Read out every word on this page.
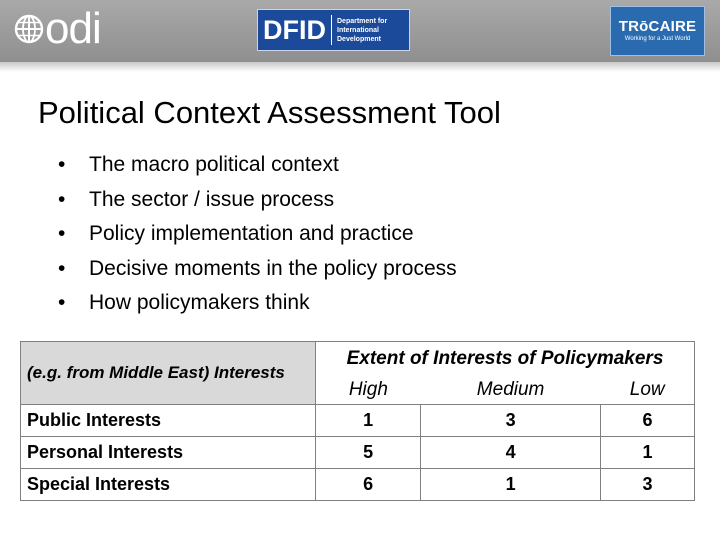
odi	DFID Department for
International
Development
TRōCAIRE
Working for a Just World
Political Context Assessment Tool
•	The macro political context
•	The sector / issue process
•	Policy implementation and practice
•	Decisive moments in the policy process
•	How policymakers think
(e.g. from Middle East) Interests	Extent of Interests of Policymakers		
	High	Medium	Low
Public Interests	1	3	6
Personal Interests	5	4	1
Special Interests	6	1	3
